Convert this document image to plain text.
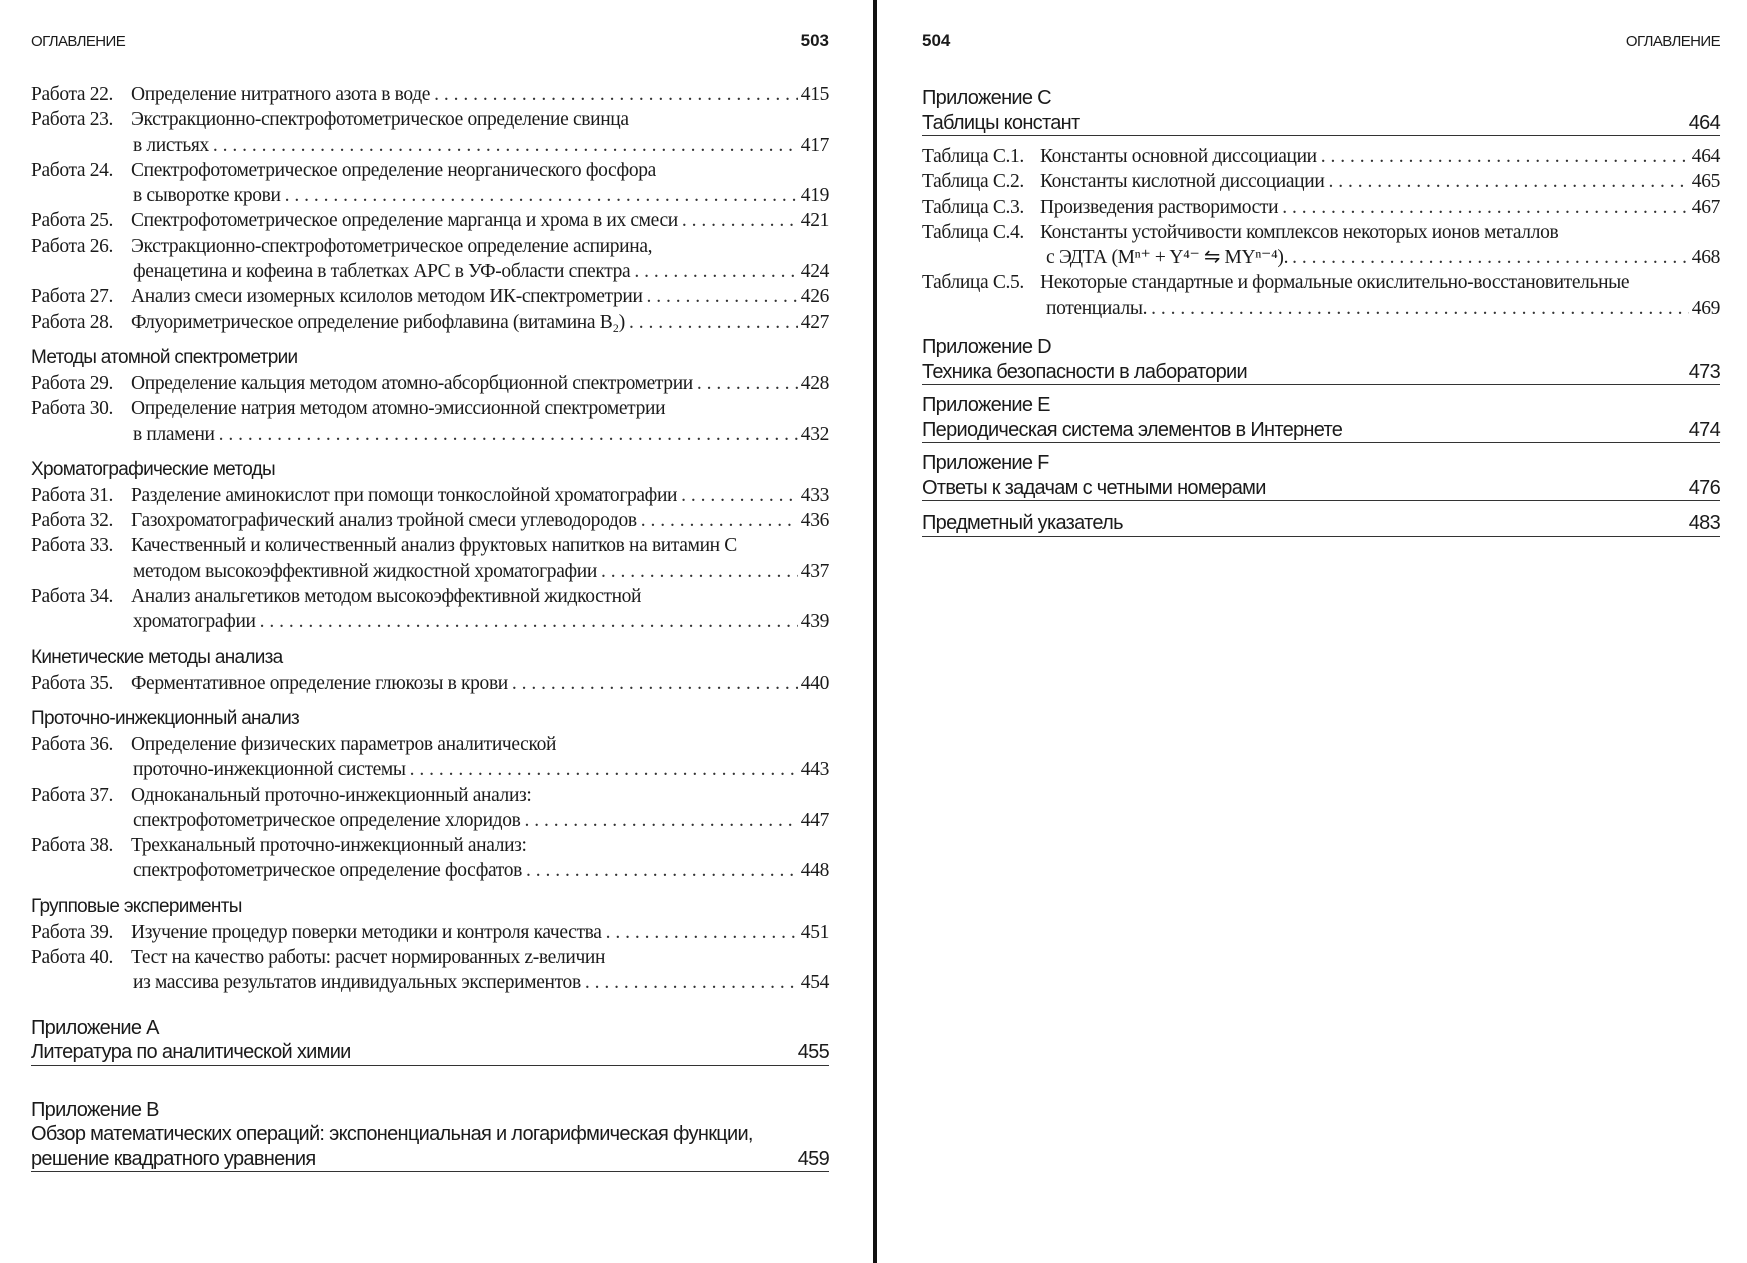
ОГЛАВЛЕНИЕ	503
Работа 22. Определение нитратного азота в воде . . .	415
Работа 23. Экстракционно-спектрофотометрическое определение свинца
в листьях . . .	417
Работа 24. Спектрофотометрическое определение неорганического фосфора
в сыворотке крови . . .	419
Работа 25. Спектрофотометрическое определение марганца и хрома в их смеси . . .	421
Работа 26. Экстракционно-спектрофотометрическое определение аспирина,
фенацетина и кофеина в таблетках APC в УФ-области спектра . . .	424
Работа 27. Анализ смеси изомерных ксилолов методом ИК-спектрометрии . . .	426
Работа 28. Флуориметрическое определение рибофлавина (витамина B₂) . . .	427
Методы атомной спектрометрии
Работа 29. Определение кальция методом атомно-абсорбционной спектрометрии . . .	428
Работа 30. Определение натрия методом атомно-эмиссионной спектрометрии
в пламени . . .	432
Хроматографические методы
Работа 31. Разделение аминокислот при помощи тонкослойной хроматографии . . .	433
Работа 32. Газохроматографический анализ тройной смеси углеводородов . . .	436
Работа 33. Качественный и количественный анализ фруктовых напитков на витамин С
методом высокоэффективной жидкостной хроматографии . . .	437
Работа 34. Анализ анальгетиков методом высокоэффективной жидкостной
хроматографии . . .	439
Кинетические методы анализа
Работа 35. Ферментативное определение глюкозы в крови . . .	440
Проточно-инжекционный анализ
Работа 36. Определение физических параметров аналитической
проточно-инжекционной системы . . .	443
Работа 37. Одноканальный проточно-инжекционный анализ:
спектрофотометрическое определение хлоридов . . .	447
Работа 38. Трехканальный проточно-инжекционный анализ:
спектрофотометрическое определение фосфатов . . .	448
Групповые эксперименты
Работа 39. Изучение процедур поверки методики и контроля качества . . .	451
Работа 40. Тест на качество работы: расчет нормированных z-величин
из массива результатов индивидуальных экспериментов . . .	454
Приложение A
Литература по аналитической химии	455
Приложение B
Обзор математических операций: экспоненциальная и логарифмическая функции,
решение квадратного уравнения	459
504	ОГЛАВЛЕНИЕ
Приложение C
Таблицы констант	464
Таблица С.1. Константы основной диссоциации . . .	464
Таблица С.2. Константы кислотной диссоциации . . .	465
Таблица С.3. Произведения растворимости . . .	467
Таблица С.4. Константы устойчивости комплексов некоторых ионов металлов
с ЭДТА (Mⁿ⁺ + Y⁴⁻ ⇋ MYⁿ⁻⁴). . . .	468
Таблица С.5. Некоторые стандартные и формальные окислительно-восстановительные
потенциалы. . . .	469
Приложение D
Техника безопасности в лаборатории	473
Приложение E
Периодическая система элементов в Интернете	474
Приложение F
Ответы к задачам с четными номерами	476
Предметный указатель	483
